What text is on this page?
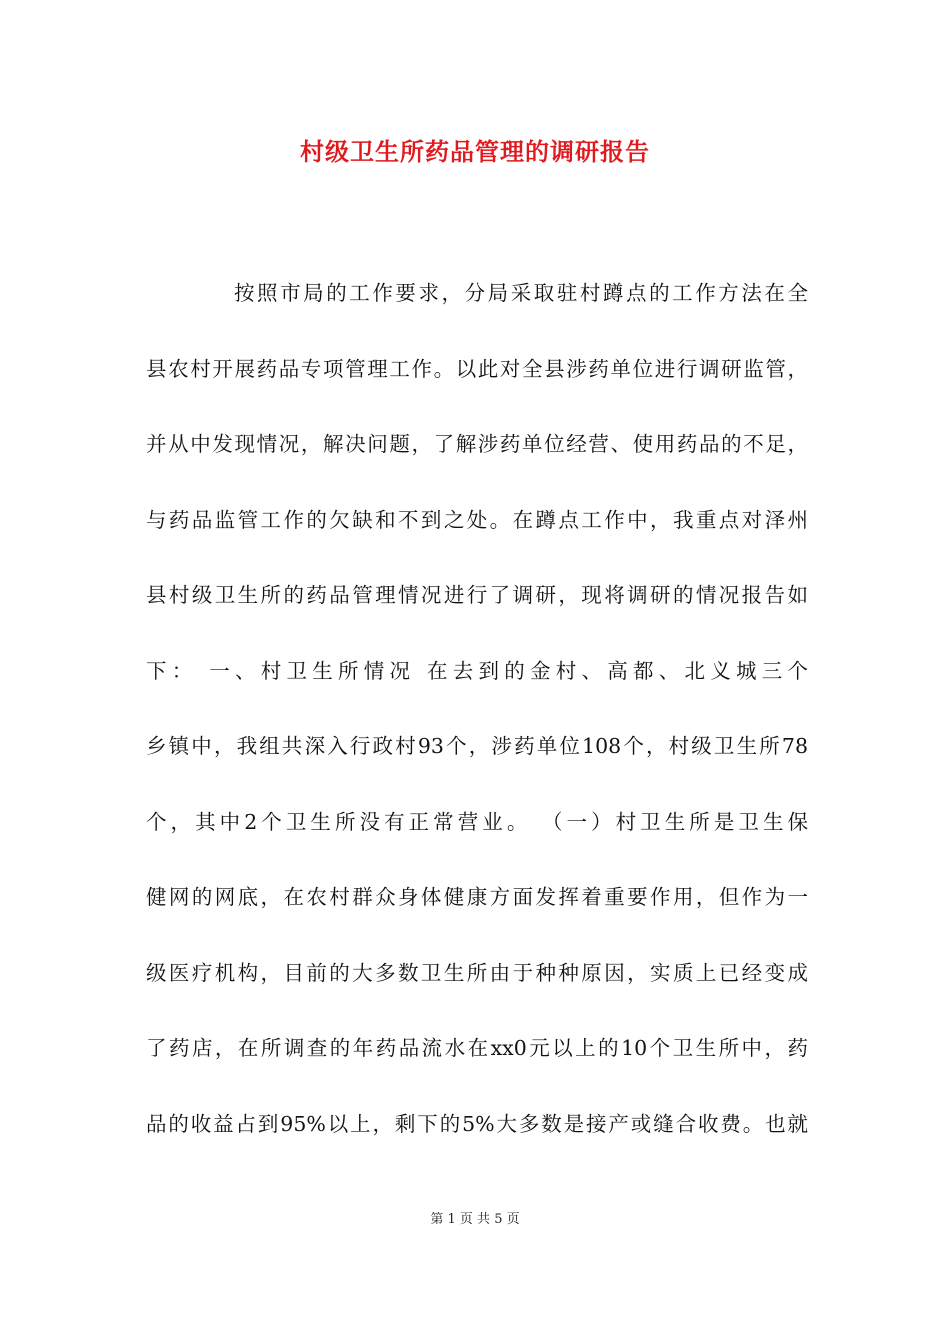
村级卫生所药品管理的调研报告
按照市局的工作要求，分局采取驻村蹲点的工作方法在全
县农村开展药品专项管理工作。以此对全县涉药单位进行调研监管，
并从中发现情况，解决问题，了解涉药单位经营、使用药品的不足，
与药品监管工作的欠缺和不到之处。在蹲点工作中，我重点对泽州
县村级卫生所的药品管理情况进行了调研，现将调研的情况报告如
下： 一、村卫生所情况 在去到的金村、高都、北义城三个
乡镇中，我组共深入行政村93个，涉药单位108个，村级卫生所78
个，其中2个卫生所没有正常营业。 （一）村卫生所是卫生保
健网的网底，在农村群众身体健康方面发挥着重要作用，但作为一
级医疗机构，目前的大多数卫生所由于种种原因，实质上已经变成
了药店，在所调查的年药品流水在xx0元以上的10个卫生所中，药
品的收益占到95%以上，剩下的5%大多数是接产或缝合收费。也就
第 1 页 共 5 页
